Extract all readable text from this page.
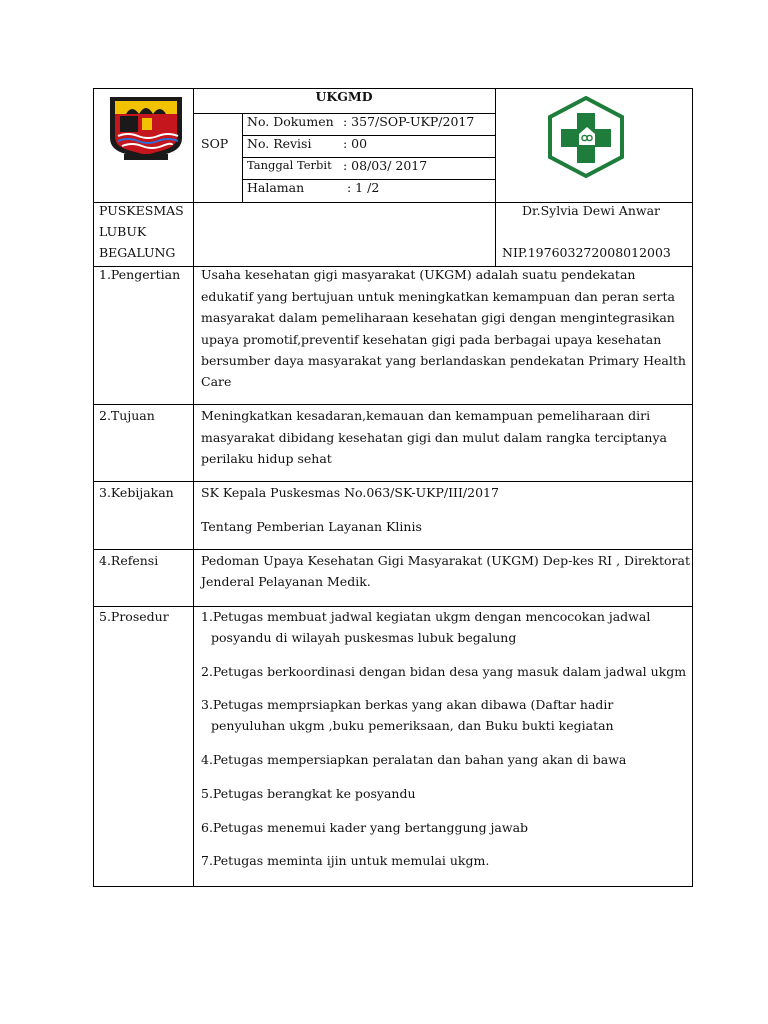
UKGMD
SOP
No. Dokumen : 357/SOP-UKP/2017
No. Revisi	: 00
Tanggal Terbit : 08/03/ 2017
Halaman	: 1 /2
PUSKESMAS
LUBUK
BEGALUNG
Dr.Sylvia Dewi Anwar
NIP.197603272008012003
1.Pengertian Usaha kesehatan gigi masyarakat (UKGM) adalah suatu pendekatan
edukatif yang bertujuan untuk meningkatkan kemampuan dan peran serta
masyarakat dalam pemeliharaan kesehatan gigi dengan mengintegrasikan
upaya promotif,preventif kesehatan gigi pada berbagai upaya kesehatan
bersumber daya masyarakat yang berlandaskan pendekatan Primary Health
Care
2.Tujuan	Meningkatkan kesadaran,kemauan dan kemampuan pemeliharaan diri
masyarakat dibidang kesehatan gigi dan mulut dalam rangka terciptanya
perilaku hidup sehat
3.Kebijakan SK Kepala Puskesmas No.063/SK-UKP/III/2017
Tentang Pemberian Layanan Klinis
4.Refensi	Pedoman Upaya Kesehatan Gigi Masyarakat (UKGM) Dep-kes RI , Direktorat
Jenderal Pelayanan Medik.
5.Prosedur	1.Petugas membuat jadwal kegiatan ukgm dengan mencocokan jadwal
posyandu di wilayah puskesmas lubuk begalung
2.Petugas berkoordinasi dengan bidan desa yang masuk dalam jadwal ukgm
3.Petugas memprsiapkan berkas yang akan dibawa (Daftar hadir
penyuluhan ukgm ,buku pemeriksaan, dan Buku bukti kegiatan
4.Petugas mempersiapkan peralatan dan bahan yang akan di bawa
5.Petugas berangkat ke posyandu
6.Petugas menemui kader yang bertanggung jawab
7.Petugas meminta ijin untuk memulai ukgm.
